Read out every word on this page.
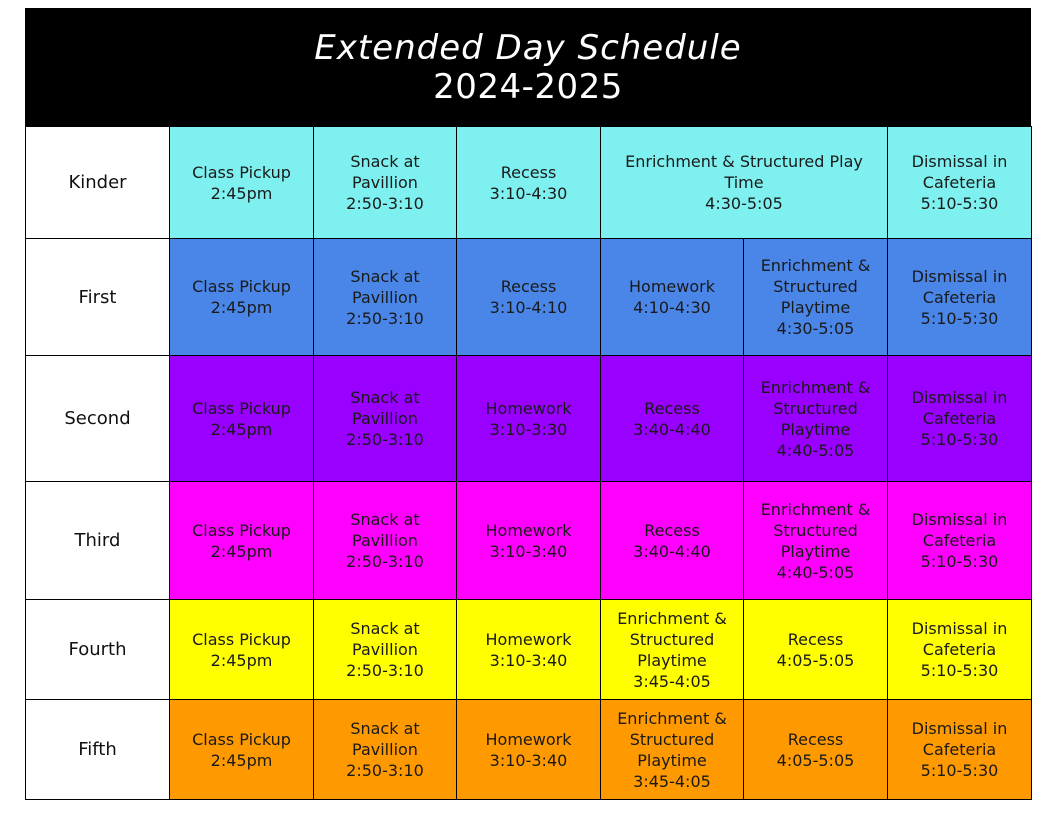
Extended Day Schedule
2024-2025
Kinder	Class Pickup
2:45pm	Snack at
Pavillion
2:50-3:10	Recess
3:10-4:30	Enrichment & Structured Play
Time
4:30-5:05		Dismissal in
Cafeteria
5:10-5:30

First	Class Pickup
2:45pm	Snack at
Pavillion
2:50-3:10	Recess
3:10-4:10	Homework
4:10-4:30	Enrichment &
Structured
Playtime
4:30-5:05	Dismissal in
Cafeteria
5:10-5:30

Second	Class Pickup
2:45pm	Snack at
Pavillion
2:50-3:10	Homework
3:10-3:30	Recess
3:40-4:40	Enrichment &
Structured
Playtime
4:40-5:05	Dismissal in
Cafeteria
5:10-5:30

Third	Class Pickup
2:45pm	Snack at
Pavillion
2:50-3:10	Homework
3:10-3:40	Recess
3:40-4:40	Enrichment &
Structured
Playtime
4:40-5:05	Dismissal in
Cafeteria
5:10-5:30

Fourth	Class Pickup
2:45pm	Snack at
Pavillion
2:50-3:10	Homework
3:10-3:40	Enrichment &
Structured
Playtime
3:45-4:05	Recess
4:05-5:05	Dismissal in
Cafeteria
5:10-5:30

Fifth	Class Pickup
2:45pm	Snack at
Pavillion
2:50-3:10	Homework
3:10-3:40	Enrichment &
Structured
Playtime
3:45-4:05	Recess
4:05-5:05	Dismissal in
Cafeteria
5:10-5:30
